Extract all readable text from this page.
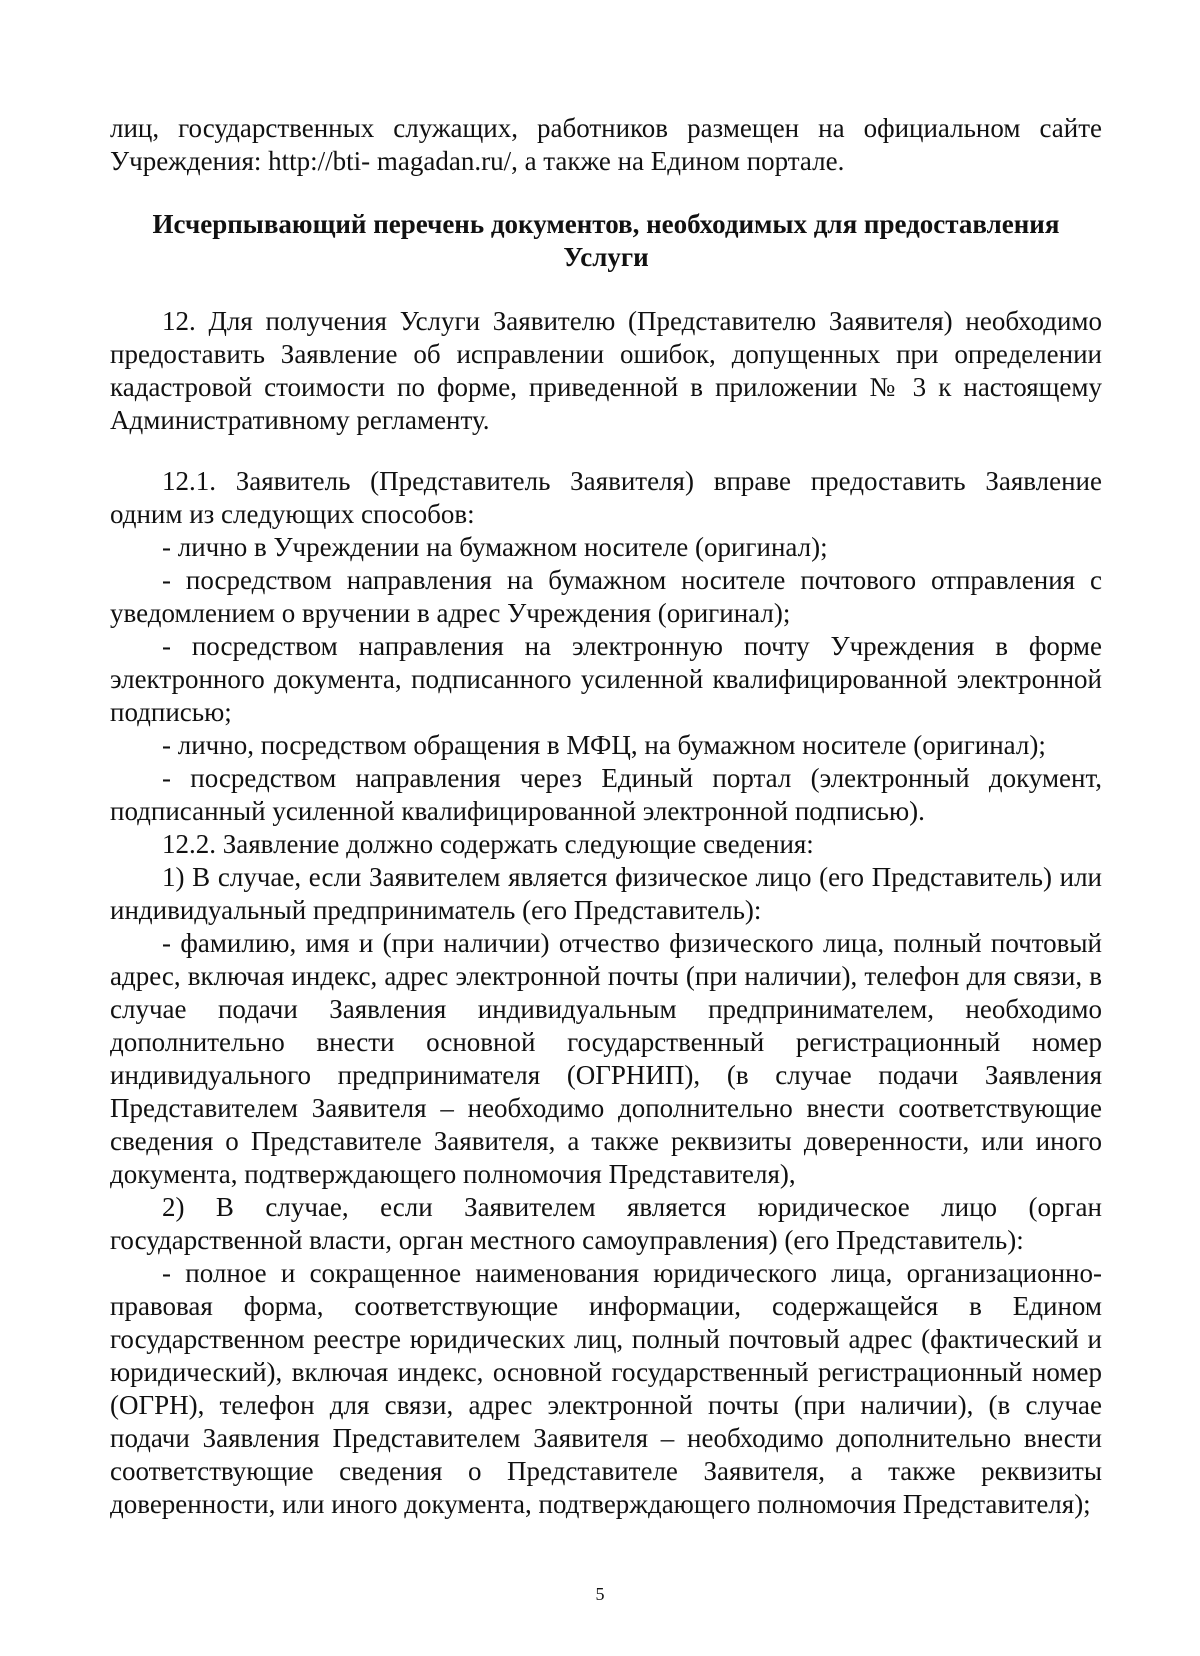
лиц, государственных служащих, работников размещен на официальном сайте Учреждения: http://bti- magadan.ru/, а также на Едином портале.

Исчерпывающий перечень документов, необходимых для предоставления Услуги

12. Для получения Услуги Заявителю (Представителю Заявителя) необходимо предоставить Заявление об исправлении ошибок, допущенных при определении кадастровой стоимости по форме, приведенной в приложении № 3 к настоящему Административному регламенту.

12.1. Заявитель (Представитель Заявителя) вправе предоставить Заявление одним из следующих способов:

- лично в Учреждении на бумажном носителе (оригинал);

- посредством направления на бумажном носителе почтового отправления с уведомлением о вручении в адрес Учреждения (оригинал);

- посредством направления на электронную почту Учреждения в форме электронного документа, подписанного усиленной квалифицированной электронной подписью;

- лично, посредством обращения в МФЦ, на бумажном носителе (оригинал);

- посредством направления через Единый портал (электронный документ, подписанный усиленной квалифицированной электронной подписью).

12.2. Заявление должно содержать следующие сведения:

1) В случае, если Заявителем является физическое лицо (его Представитель) или индивидуальный предприниматель (его Представитель):

- фамилию, имя и (при наличии) отчество физического лица, полный почтовый адрес, включая индекс, адрес электронной почты (при наличии), телефон для связи, в случае подачи Заявления индивидуальным предпринимателем, необходимо дополнительно внести основной государственный регистрационный номер индивидуального предпринимателя (ОГРНИП), (в случае подачи Заявления Представителем Заявителя – необходимо дополнительно внести соответствующие сведения о Представителе Заявителя, а также реквизиты доверенности, или иного документа, подтверждающего полномочия Представителя),

2) В случае, если Заявителем является юридическое лицо (орган государственной власти, орган местного самоуправления) (его Представитель):

- полное и сокращенное наименования юридического лица, организационно-правовая форма, соответствующие информации, содержащейся в Едином государственном реестре юридических лиц, полный почтовый адрес (фактический и юридический), включая индекс, основной государственный регистрационный номер (ОГРН), телефон для связи, адрес электронной почты (при наличии), (в случае подачи Заявления Представителем Заявителя – необходимо дополнительно внести соответствующие сведения о Представителе Заявителя, а также реквизиты доверенности, или иного документа, подтверждающего полномочия Представителя);

5
